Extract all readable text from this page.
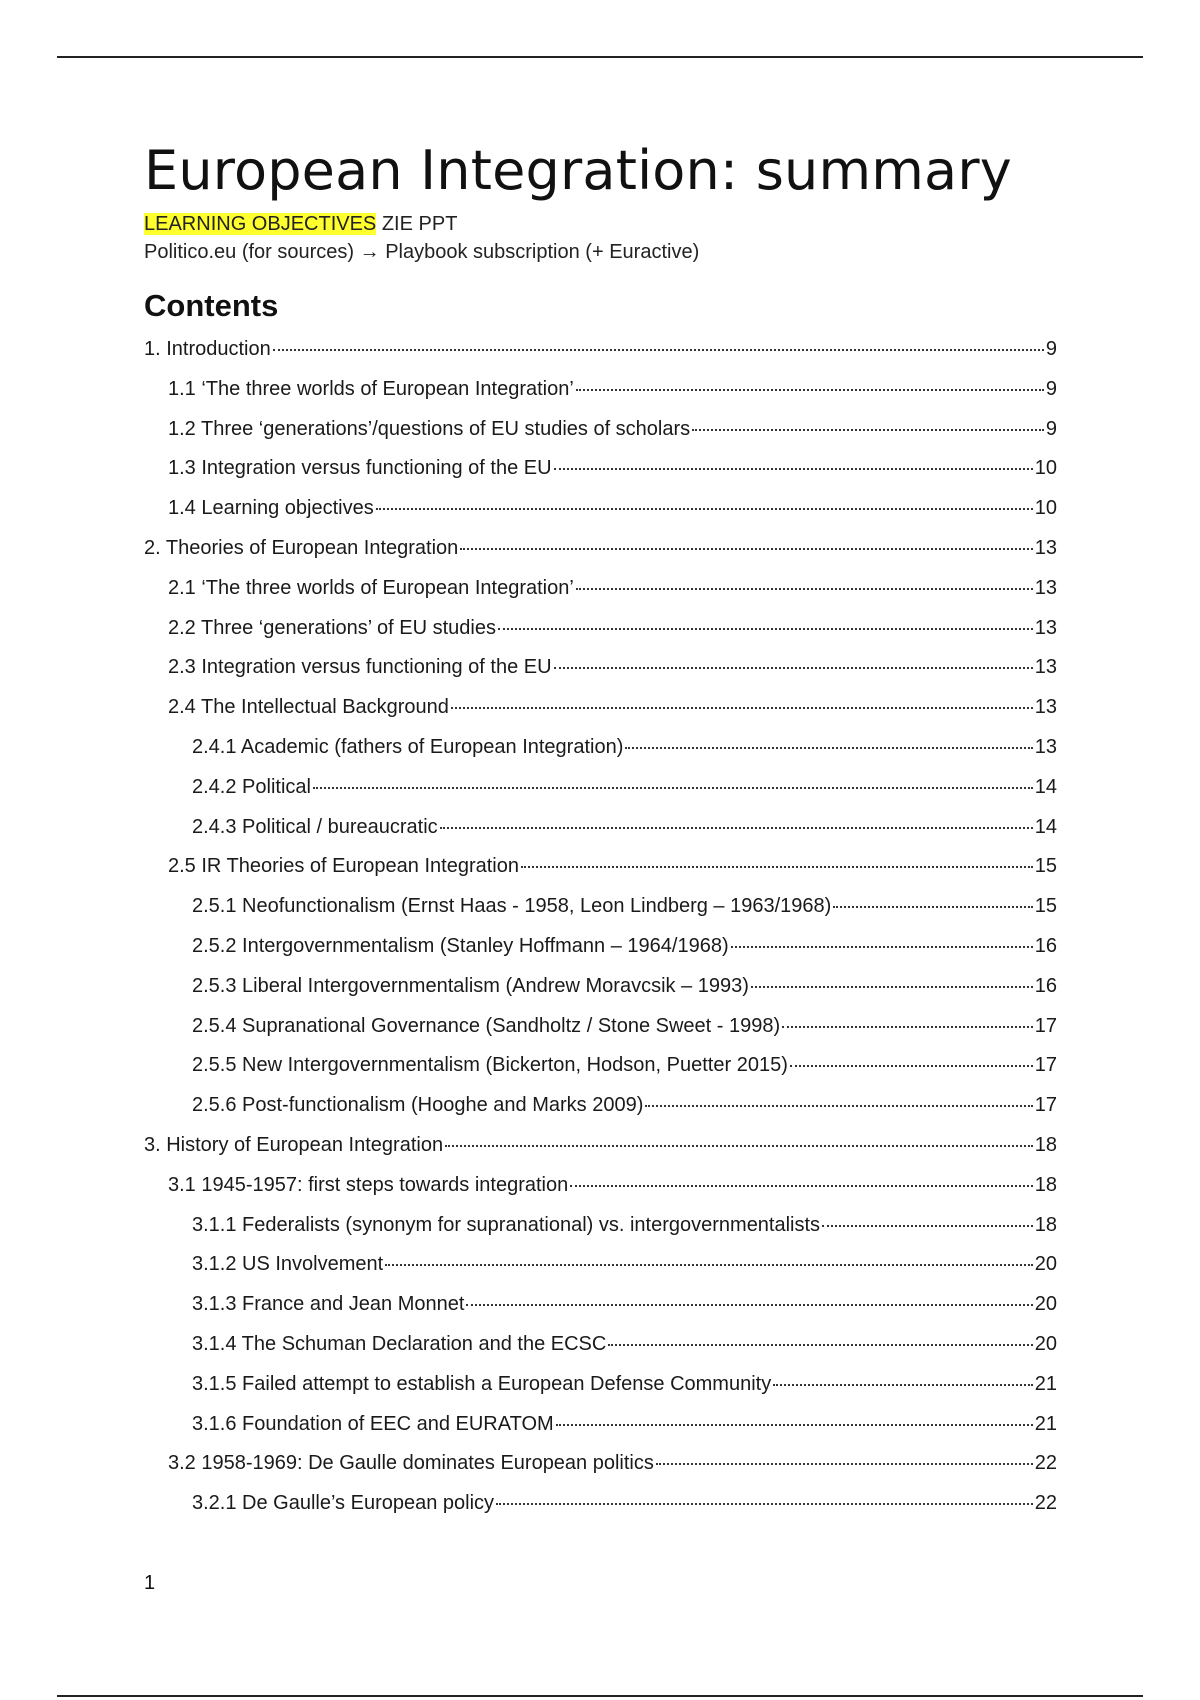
European Integration: summary
LEARNING OBJECTIVES ZIE PPT
Politico.eu (for sources) → Playbook subscription (+ Euractive)
Contents
1. Introduction	9
1.1 ‘The three worlds of European Integration’	9
1.2 Three ‘generations’/questions of EU studies of scholars	9
1.3 Integration versus functioning of the EU	10
1.4 Learning objectives	10
2. Theories of European Integration	13
2.1 ‘The three worlds of European Integration’	13
2.2 Three ‘generations’ of EU studies	13
2.3 Integration versus functioning of the EU	13
2.4 The Intellectual Background	13
2.4.1 Academic (fathers of European Integration)	13
2.4.2 Political	14
2.4.3 Political / bureaucratic	14
2.5 IR Theories of European Integration	15
2.5.1 Neofunctionalism (Ernst Haas - 1958, Leon Lindberg – 1963/1968)	15
2.5.2 Intergovernmentalism (Stanley Hoffmann – 1964/1968)	16
2.5.3 Liberal Intergovernmentalism (Andrew Moravcsik – 1993)	16
2.5.4 Supranational Governance (Sandholtz / Stone Sweet - 1998)	17
2.5.5 New Intergovernmentalism (Bickerton, Hodson, Puetter 2015)	17
2.5.6 Post-functionalism (Hooghe and Marks 2009)	17
3. History of European Integration	18
3.1 1945-1957: first steps towards integration	18
3.1.1 Federalists (synonym for supranational) vs. intergovernmentalists	18
3.1.2 US Involvement	20
3.1.3 France and Jean Monnet	20
3.1.4 The Schuman Declaration and the ECSC	20
3.1.5 Failed attempt to establish a European Defense Community	21
3.1.6 Foundation of EEC and EURATOM	21
3.2 1958-1969: De Gaulle dominates European politics	22
3.2.1 De Gaulle’s European policy	22
1
